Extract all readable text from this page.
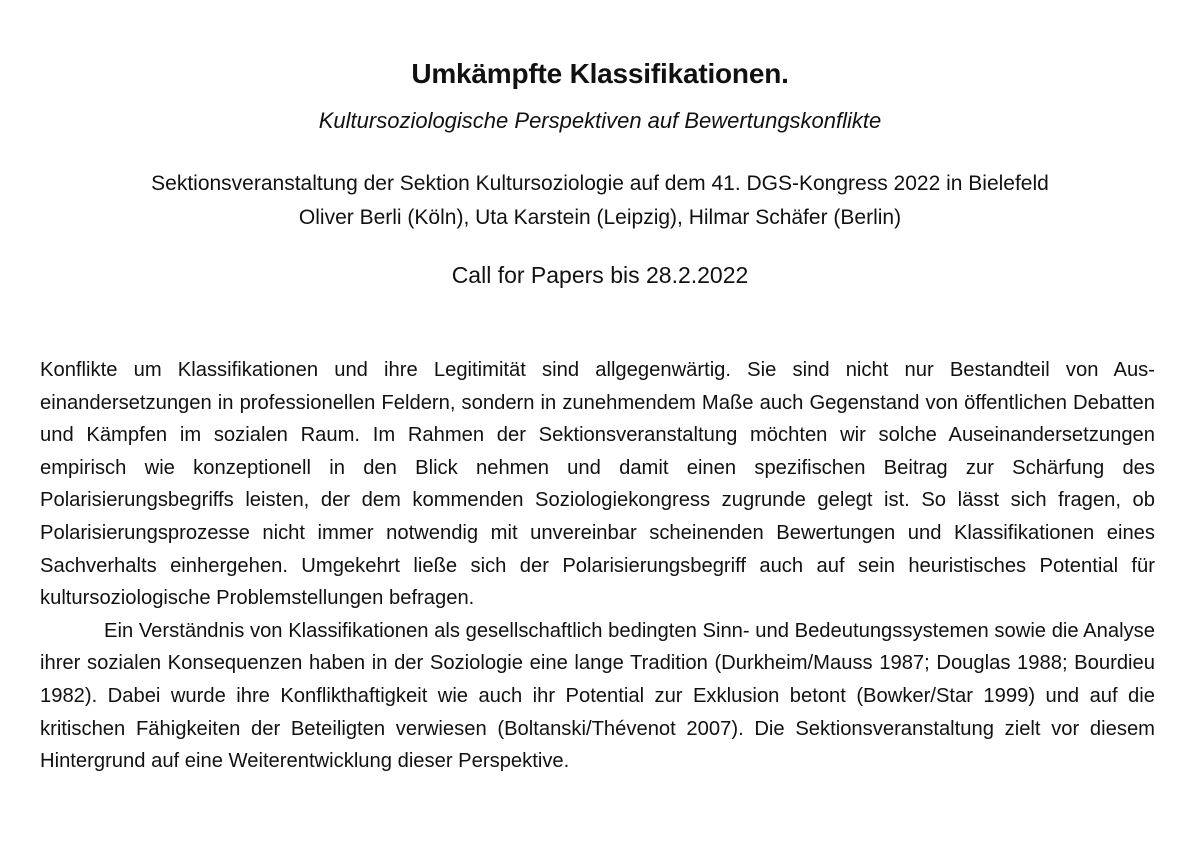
Umkämpfte Klassifikationen.
Kultursoziologische Perspektiven auf Bewertungskonflikte
Sektionsveranstaltung der Sektion Kultursoziologie auf dem 41. DGS-Kongress 2022 in Bielefeld
Oliver Berli (Köln), Uta Karstein (Leipzig), Hilmar Schäfer (Berlin)
Call for Papers bis 28.2.2022

Konflikte um Klassifikationen und ihre Legitimität sind allgegenwärtig. Sie sind nicht nur Bestandteil von Auseinandersetzungen in professionellen Feldern, sondern in zunehmendem Maße auch Gegenstand von öffentlichen Debatten und Kämpfen im sozialen Raum. Im Rahmen der Sektionsveranstaltung möchten wir solche Auseinandersetzungen empirisch wie konzeptionell in den Blick nehmen und damit einen spezifischen Beitrag zur Schärfung des Polarisierungsbegriffs leisten, der dem kommenden Soziologiekongress zugrunde gelegt ist. So lässt sich fragen, ob Polarisierungsprozesse nicht immer notwendig mit unvereinbar scheinenden Bewertungen und Klassifikationen eines Sachverhalts einhergehen. Umgekehrt ließe sich der Polarisierungsbegriff auch auf sein heuristisches Potential für kultursoziologische Problemstellungen befragen.

Ein Verständnis von Klassifikationen als gesellschaftlich bedingten Sinn- und Bedeutungssystemen sowie die Analyse ihrer sozialen Konsequenzen haben in der Soziologie eine lange Tradition (Durkheim/Mauss 1987; Douglas 1988; Bourdieu 1982). Dabei wurde ihre Konflikthaftigkeit wie auch ihr Potential zur Exklusion betont (Bowker/Star 1999) und auf die kritischen Fähigkeiten der Beteiligten verwiesen (Boltanski/Thévenot 2007). Die Sektionsveranstaltung zielt vor diesem Hintergrund auf eine Weiterentwicklung dieser Perspektive.
